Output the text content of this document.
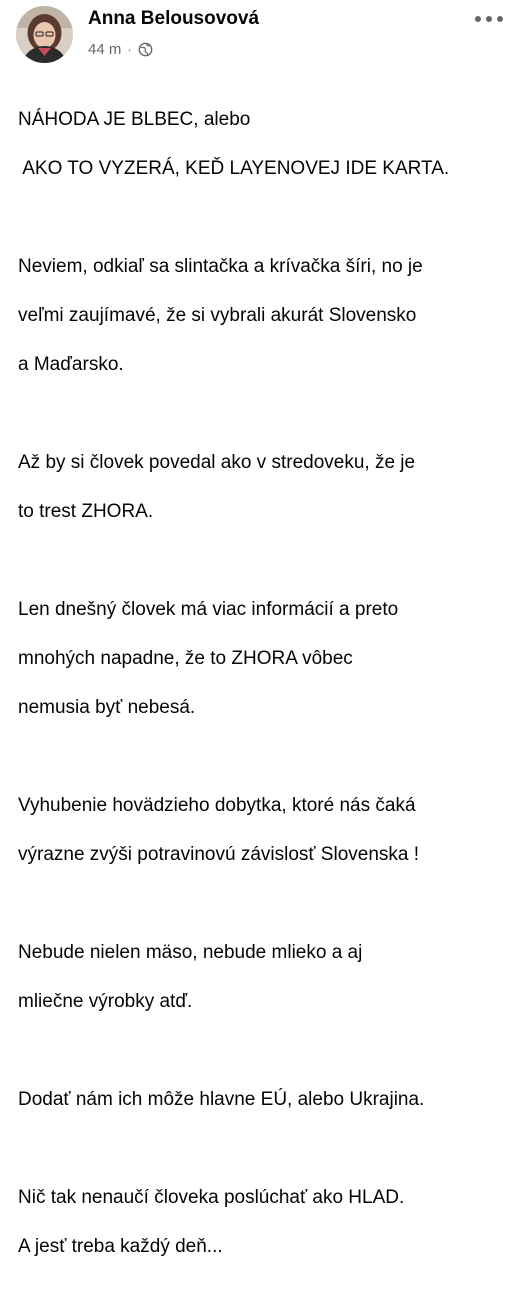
Anna Belousovová
44 m ·

NÁHODA JE BLBEC, alebo

AKO TO VYZERÁ, KEĎ LAYENOVEJ IDE KARTA.

Neviem, odkiaľ sa slintačka a krívačka šíri, no je

veľmi zaujímavé, že si vybrali akurát Slovensko

a Maďarsko.

Až by si človek povedal ako v stredoveku, že je

to trest ZHORA.

Len dnešný človek má viac informácií a preto

mnohých napadne, že to ZHORA vôbec

nemusia byť nebesá.

Vyhubenie hovädzieho dobytka, ktoré nás čaká

výrazne zvýši potravinovú závislosť Slovenska !

Nebude nielen mäso, nebude mlieko a aj

mliečne výrobky atď.

Dodať nám ich môže hlavne EÚ, alebo Ukrajina.

Nič tak nenaučí človeka poslúchať ako HLAD.

A jesť treba každý deň...
